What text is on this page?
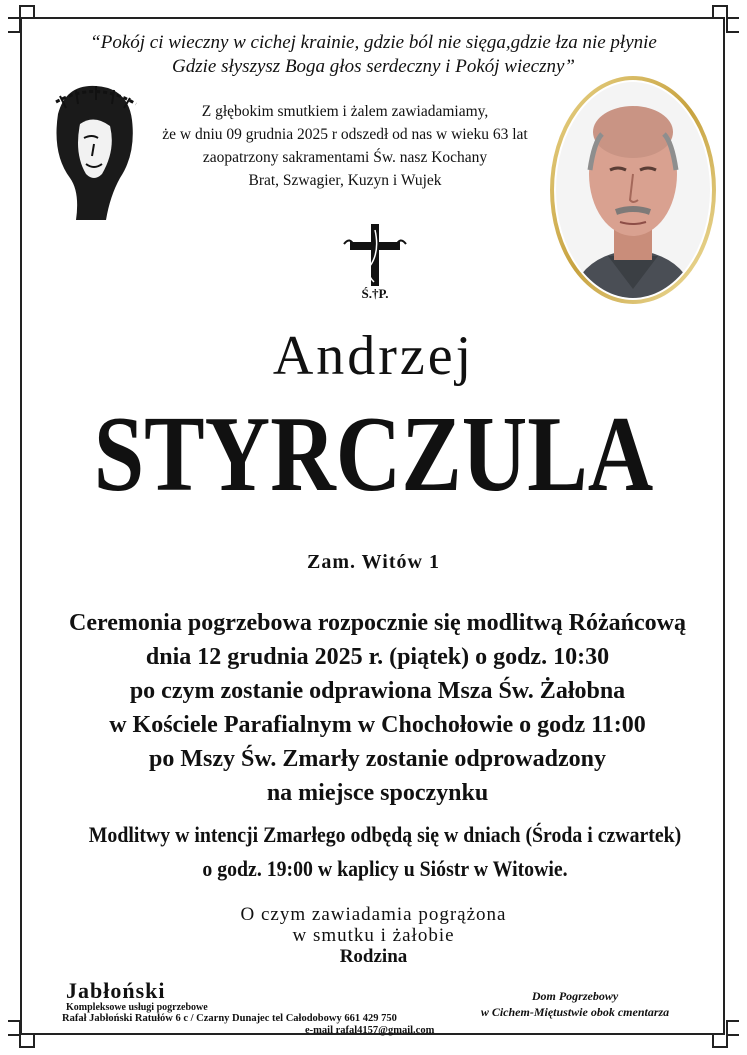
“Pokój ci wieczny w cichej krainie, gdzie ból nie sięga,gdzie łza nie płynie
Gdzie słyszysz Boga głos serdeczny i Pokój wieczny”
Z głębokim smutkiem i żalem zawiadamiamy,
że w dniu 09 grudnia 2025 r odszedł od nas w wieku 63 lat
zaopatrzony sakramentami Św. nasz Kochany
Brat, Szwagier, Kuzyn i Wujek
Ś.†P.
Andrzej
STYRCZULA
Zam. Witów 1
Ceremonia pogrzebowa rozpocznie się modlitwą Różańcową
dnia 12 grudnia 2025 r. (piątek) o godz. 10:30
po czym zostanie odprawiona Msza Św. Żałobna
w Kościele Parafialnym w Chochołowie o godz 11:00
po Mszy Św. Zmarły zostanie odprowadzony
na miejsce spoczynku
Modlitwy w intencji Zmarłego odbędą się w dniach (Środa i czwartek)
o godz. 19:00 w kaplicy u Sióstr w Witowie.
O czym zawiadamia pogrążona
w smutku i żałobie
Rodzina
Jabłoński
Kompleksowe usługi pogrzebowe
Rafał Jabłoński Ratułów 6 c / Czarny Dunajec tel Całodobowy 661 429 750
e-mail rafal4157@gmail.com
Dom Pogrzebowy
w Cichem-Miętustwie obok cmentarza
